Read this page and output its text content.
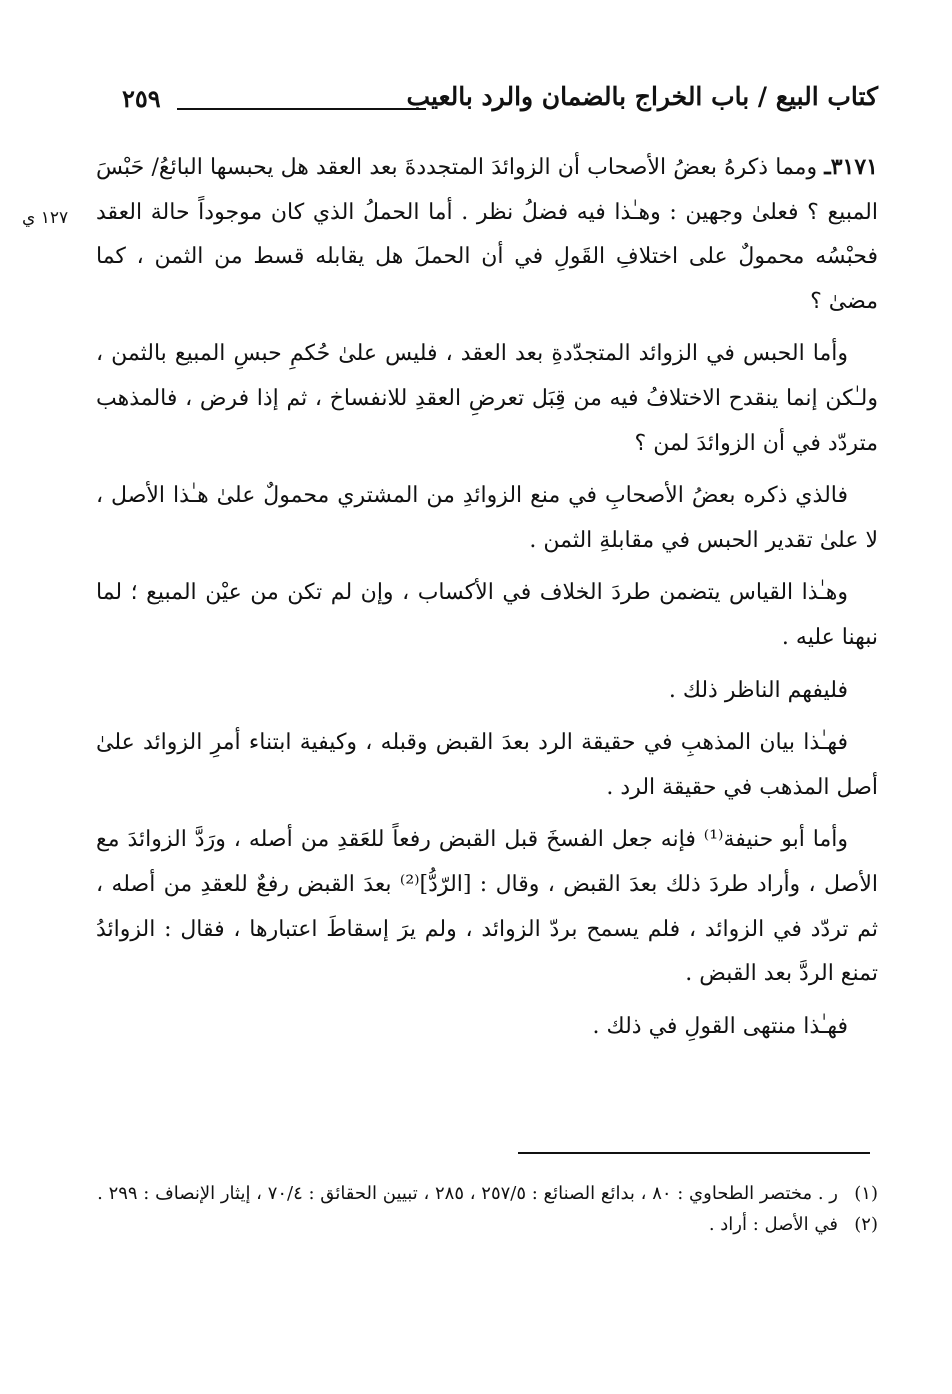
٢٥٩	كتاب البيع / باب الخراج بالضمان والرد بالعيب
١٢٧ ي

٣١٧١ـ ومما ذكرهُ بعضُ الأصحاب أن الزوائدَ المتجددةَ بعد العقد هل يحبسها البائعُ/ حَبْسَ المبيع ؟ فعلىٰ وجهين : وهـٰذا فيه فضلُ نظر . أما الحملُ الذي كان موجوداً حالة العقد فحبْسُه محمولٌ على اختلافِ القَولِ في أن الحملَ هل يقابله قسط من الثمن ، كما مضىٰ ؟

وأما الحبس في الزوائد المتجدّدةِ بعد العقد ، فليس علىٰ حُكمِ حبسِ المبيع بالثمن ، ولـٰكن إنما ينقدح الاختلافُ فيه من قِبَل تعرضِ العقدِ للانفساخ ، ثم إذا فرض ، فالمذهب متردّد في أن الزوائدَ لمن ؟

فالذي ذكره بعضُ الأصحابِ في منع الزوائدِ من المشتري محمولٌ علىٰ هـٰذا الأصل ، لا علىٰ تقدير الحبس في مقابلةِ الثمن .

وهـٰذا القياس يتضمن طردَ الخلاف في الأكساب ، وإن لم تكن من عيْن المبيع ؛ لما نبهنا عليه .

فليفهم الناظر ذلك .

فهـٰذا بيان المذهبِ في حقيقة الرد بعدَ القبض وقبله ، وكيفية ابتناء أمرِ الزوائد علىٰ أصل المذهب في حقيقة الرد .

وأما أبو حنيفة⁽¹⁾ فإنه جعل الفسخَ قبل القبض رفعاً للعَقدِ من أصله ، ورَدَّ الزوائدَ مع الأصل ، وأراد طردَ ذلك بعدَ القبض ، وقال : [الرّدُّ]⁽²⁾ بعدَ القبض رفعٌ للعقدِ من أصله ، ثم تردّد في الزوائد ، فلم يسمح بردّ الزوائد ، ولم يرَ إسقاطَ اعتبارها ، فقال : الزوائدُ تمنع الردَّ بعد القبض .

فهـٰذا منتهى القولِ في ذلك .

(١)
ر . مختصر الطحاوي : ٨٠ ، بدائع الصنائع : ٢٥٧/٥ ، ٢٨٥ ، تبيين الحقائق : ٧٠/٤ ، إيثار الإنصاف : ٢٩٩ .
(٢)
في الأصل : أراد .
